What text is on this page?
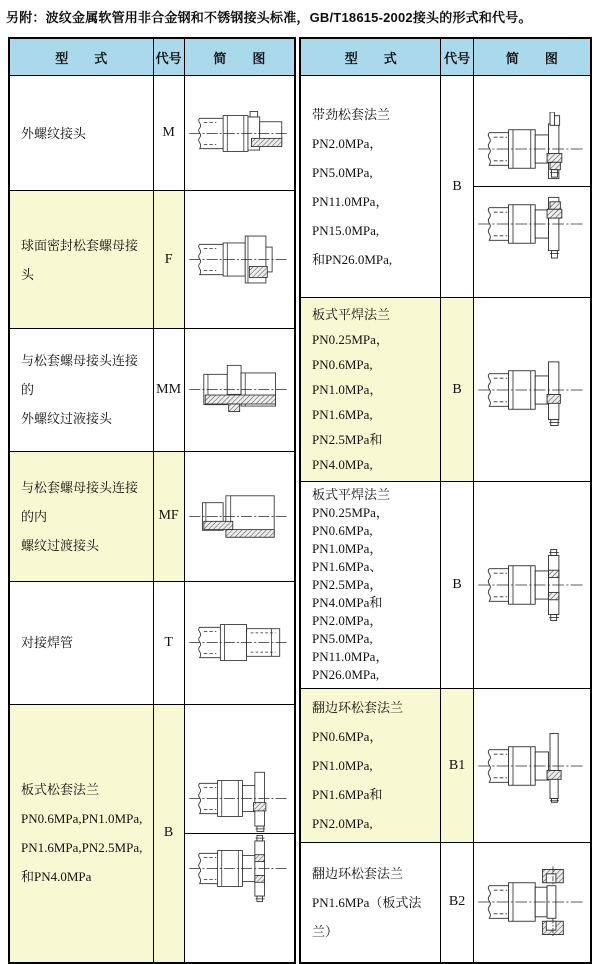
另附：波纹金属软管用非合金钢和不锈钢接头标准，GB/T18615-2002接头的形式和代号。
型　　式	代号	简　　图
外螺纹接头	M	

球面密封松套螺母接头	F	

与松套螺母接头连接的
外螺纹过液接头	MM	

与松套螺母接头连接的内
螺纹过渡接头	MF	

对接焊管	T	

板式松套法兰
PN0.6MPa,PN1.0MPa,
PN1.6MPa,PN2.5MPa,
和PN4.0MPa	B	
型　　式	代号	简　　图
带劲松套法兰
PN2.0MPa， PN5.0MPa,
PN11.0MPa， PN15.0MPa,
和PN26.0MPa,	B	

板式平焊法兰
PN0.25MPa， PN0.6MPa,
PN1.0MPa， PN1.6MPa,
PN2.5MPa和PN4.0MPa,	B	

板式平焊法兰
PN0.25MPa， PN0.6MPa,
PN1.0MPa， PN1.6MPa、
PN2.5MPa， PN4.0MPa和
PN2.0MPa， PN5.0MPa,
PN11.0MPa， PN26.0MPa,	B	

翻边环松套法兰
PN0.6MPa， PN1.0MPa,
PN1.6MPa和PN2.0MPa,	B1	

翻边环松套法兰
PN1.6MPa（板式法兰）	B2	
